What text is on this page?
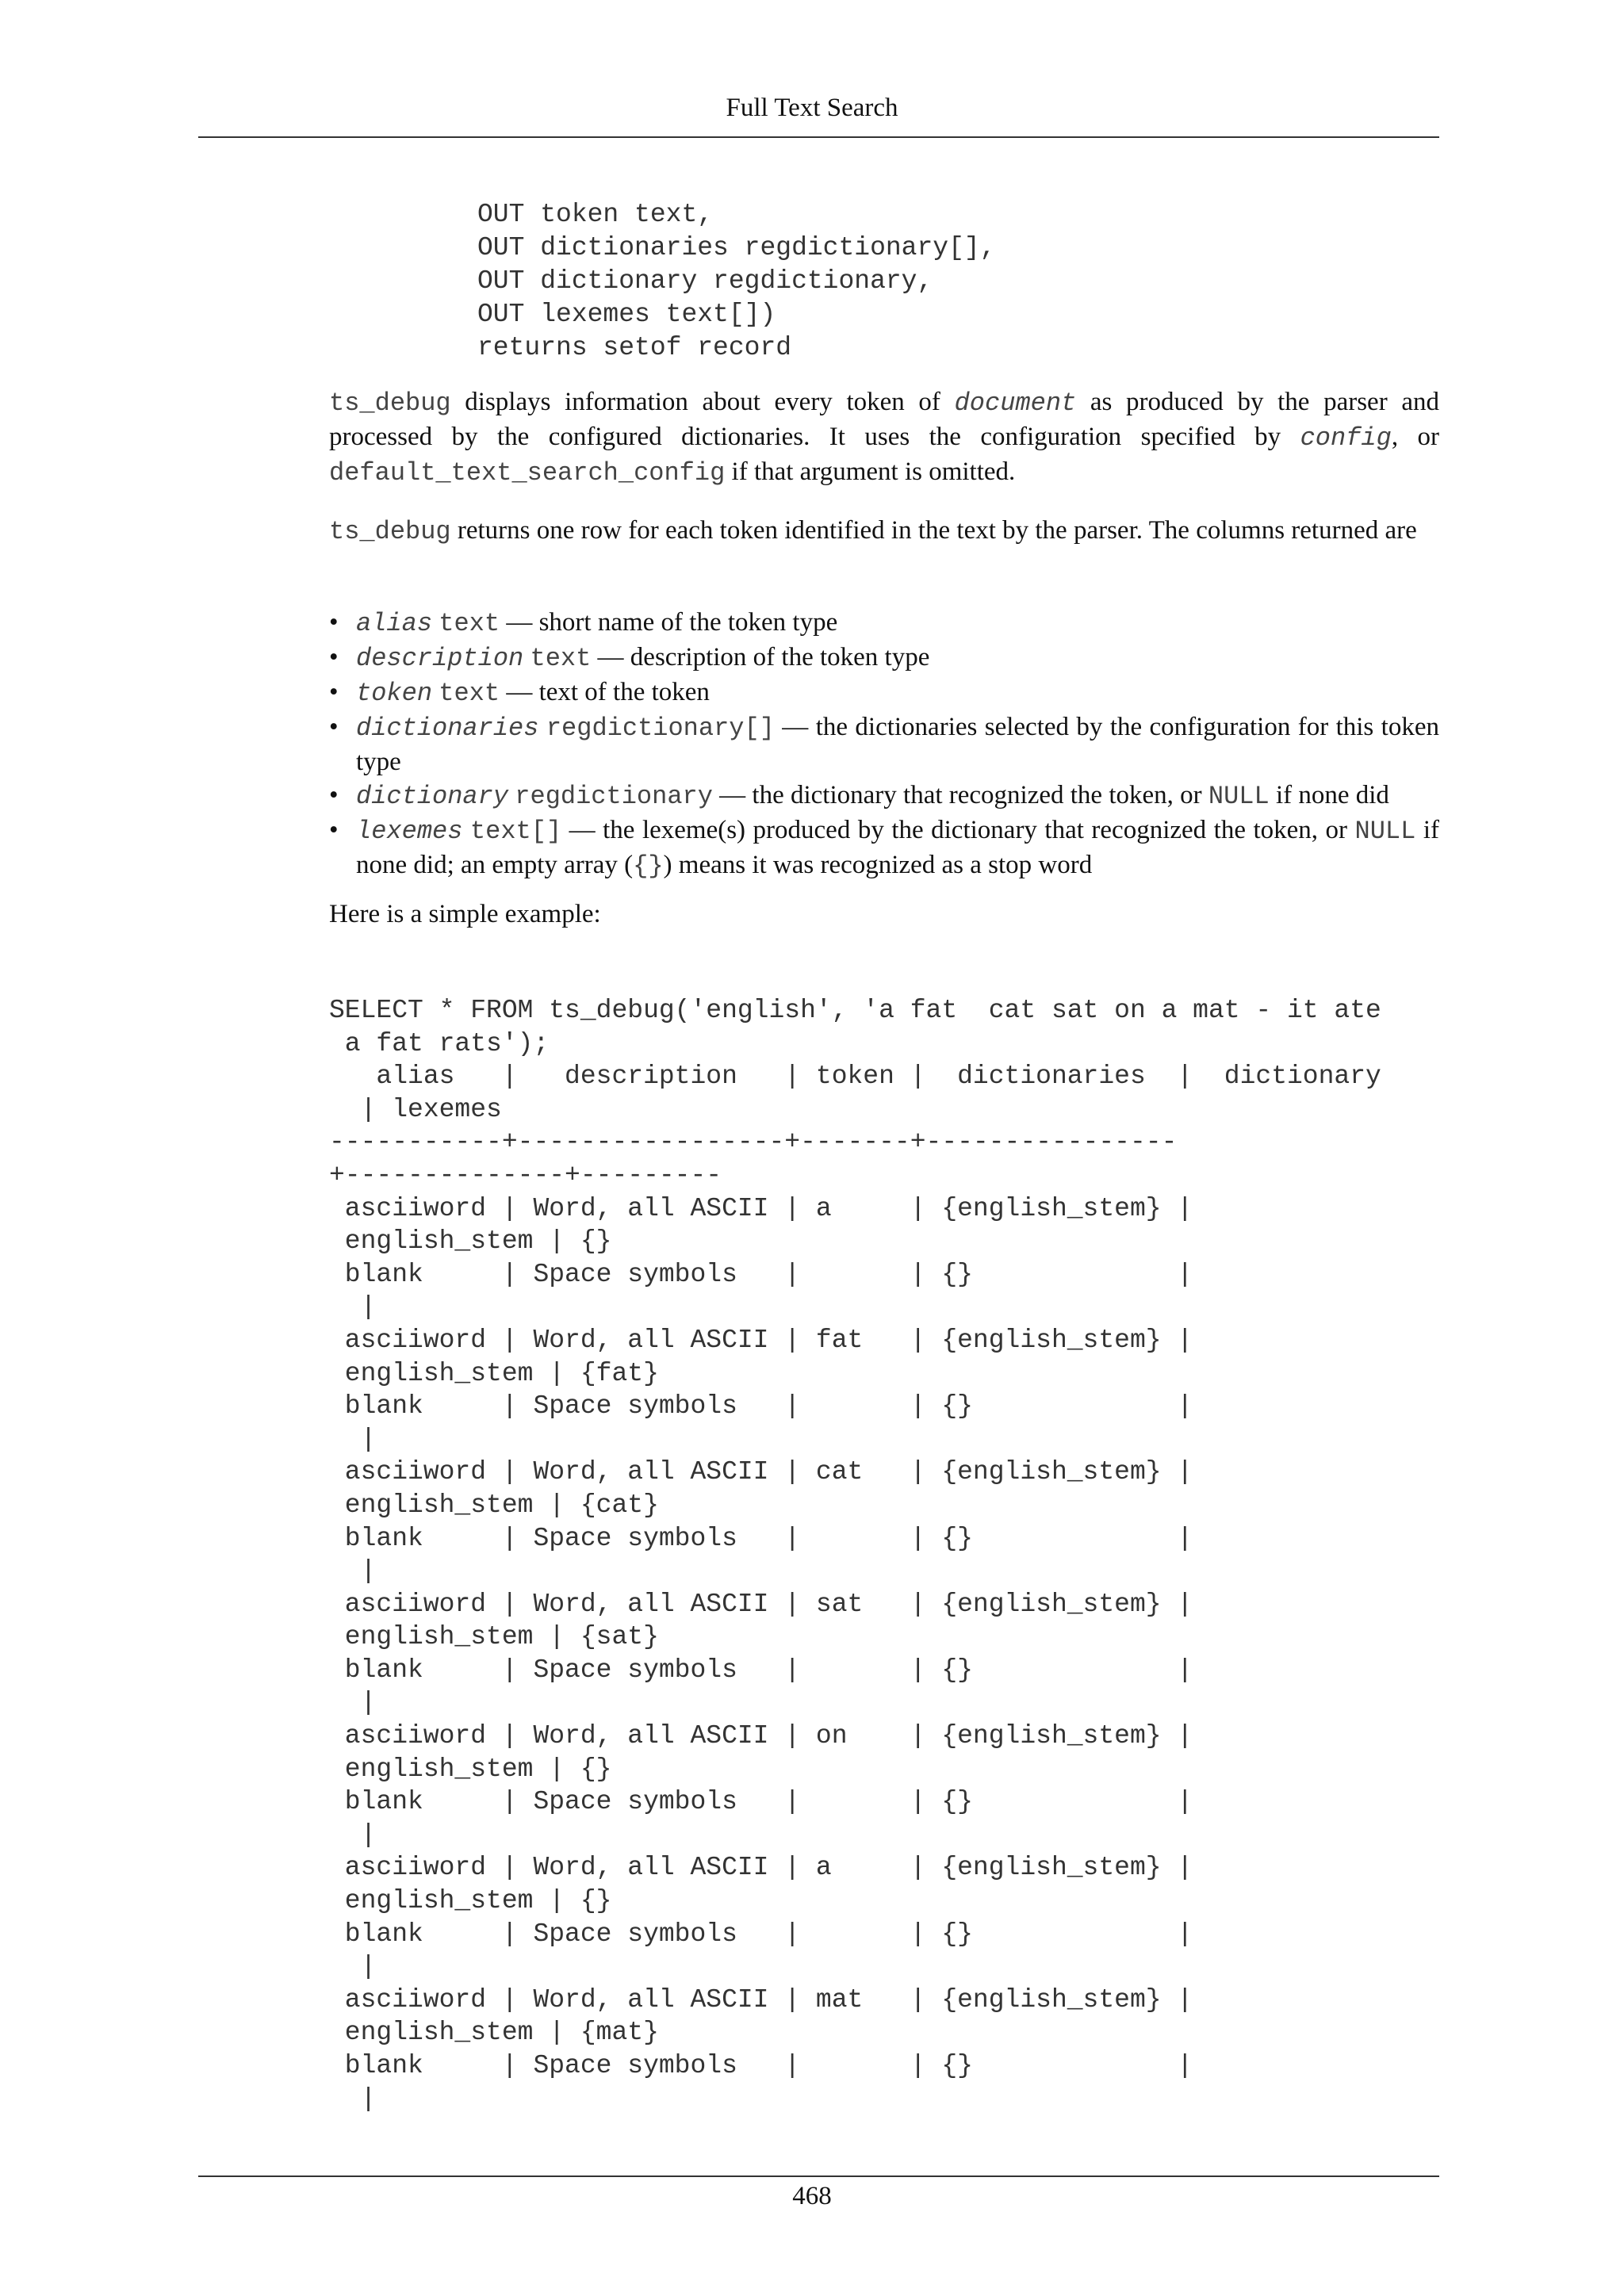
Full Text Search
OUT token text,
OUT dictionaries regdictionary[],
OUT dictionary regdictionary,
OUT lexemes text[])
returns setof record
ts_debug displays information about every token of document as produced by the parser and processed by the configured dictionaries. It uses the configuration specified by config, or default_text_search_config if that argument is omitted.
ts_debug returns one row for each token identified in the text by the parser. The columns returned are
• alias text — short name of the token type
• description text — description of the token type
• token text — text of the token
• dictionaries regdictionary[] — the dictionaries selected by the configuration for this token type
• dictionary regdictionary — the dictionary that recognized the token, or NULL if none did
• lexemes text[] — the lexeme(s) produced by the dictionary that recognized the token, or NULL if none did; an empty array ({}) means it was recognized as a stop word
Here is a simple example:
SELECT * FROM ts_debug('english', 'a fat  cat sat on a mat - it ate
a fat rats');
alias   |   description   | token |  dictionaries  |  dictionary
| lexemes
-----------+-----------------+-------+----------------
+--------------+---------
asciiword | Word, all ASCII | a     | {english_stem} |
english_stem | {}
blank     | Space symbols   |       | {}             |
|
asciiword | Word, all ASCII | fat   | {english_stem} |
english_stem | {fat}
blank     | Space symbols   |       | {}             |
|
asciiword | Word, all ASCII | cat   | {english_stem} |
english_stem | {cat}
blank     | Space symbols   |       | {}             |
|
asciiword | Word, all ASCII | sat   | {english_stem} |
english_stem | {sat}
blank     | Space symbols   |       | {}             |
|
asciiword | Word, all ASCII | on    | {english_stem} |
english_stem | {}
blank     | Space symbols   |       | {}             |
|
asciiword | Word, all ASCII | a     | {english_stem} |
english_stem | {}
blank     | Space symbols   |       | {}             |
|
asciiword | Word, all ASCII | mat   | {english_stem} |
english_stem | {mat}
blank     | Space symbols   |       | {}             |
|
468
